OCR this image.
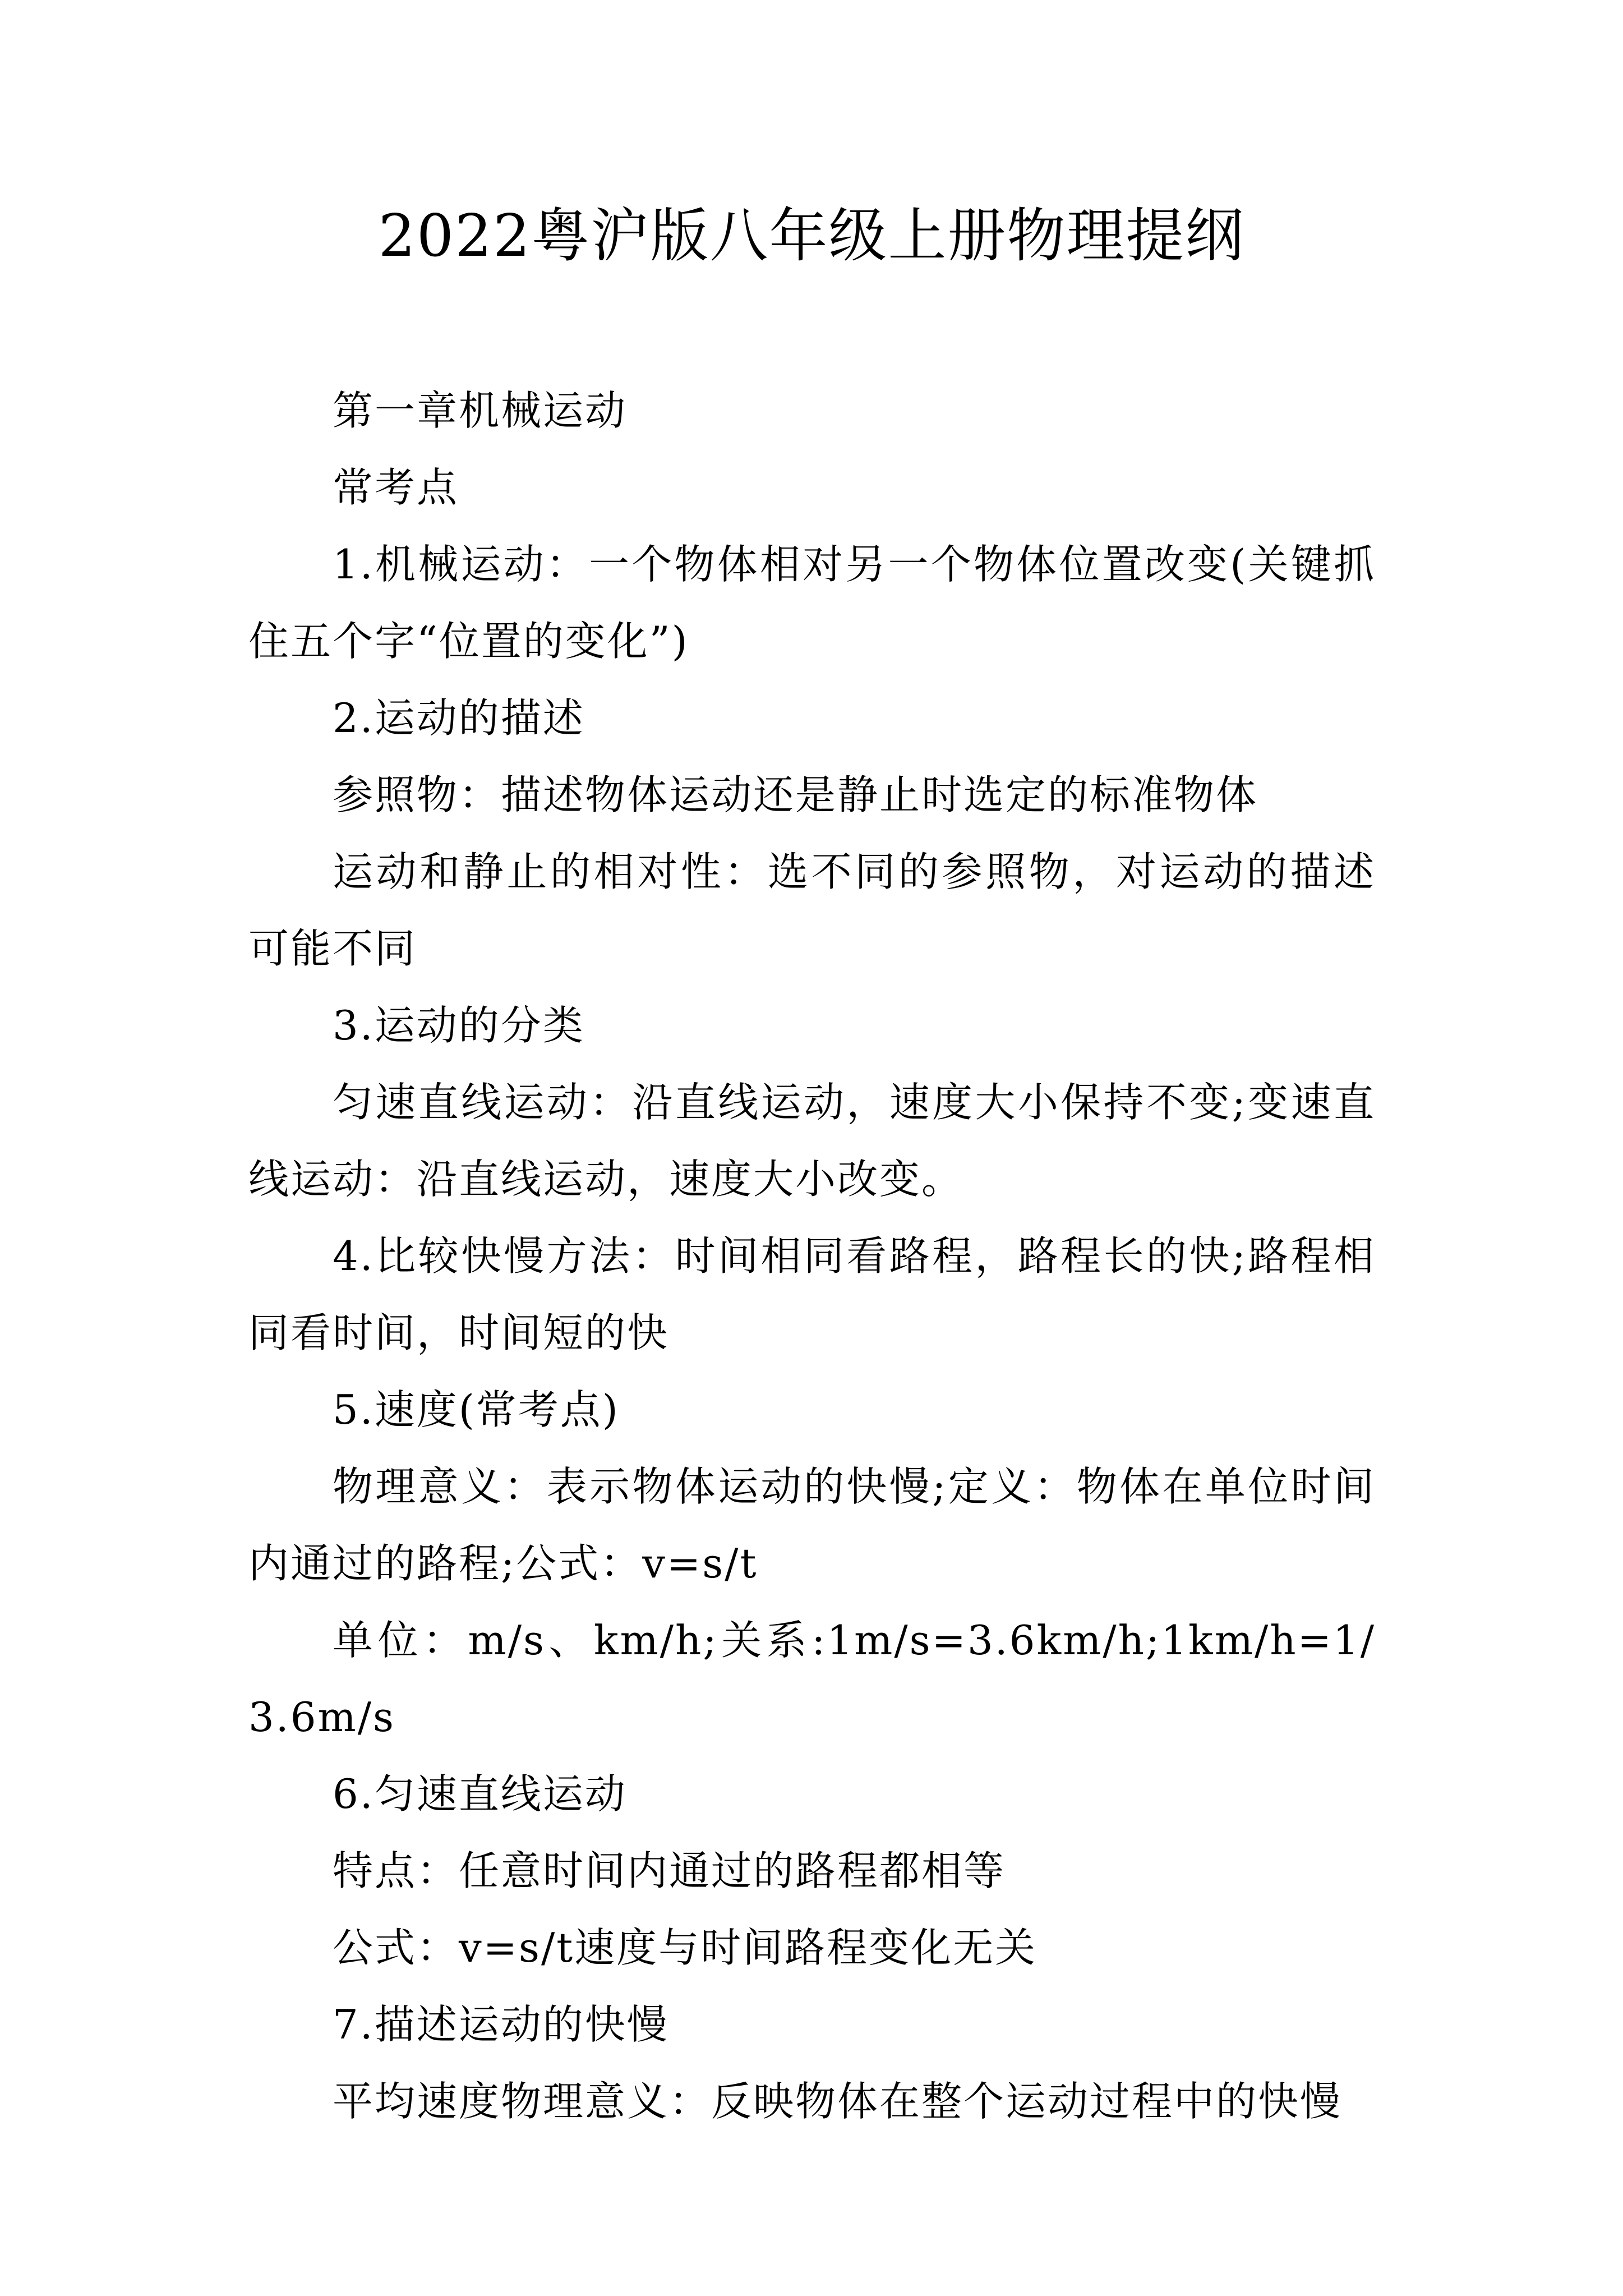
2022粤沪版八年级上册物理提纲

第一章机械运动

常考点

1.机械运动：一个物体相对另一个物体位置改变(关键抓住五个字“位置的变化”)

2.运动的描述

参照物：描述物体运动还是静止时选定的标准物体

运动和静止的相对性：选不同的参照物，对运动的描述可能不同

3.运动的分类

匀速直线运动：沿直线运动，速度大小保持不变;变速直线运动：沿直线运动，速度大小改变。

4.比较快慢方法：时间相同看路程，路程长的快;路程相同看时间，时间短的快

5.速度(常考点)

物理意义：表示物体运动的快慢;定义：物体在单位时间内通过的路程;公式：v=s/t

单位：m/s、km/h;关系:1m/s=3.6km/h;1km/h=1/3.6m/s

6.匀速直线运动

特点：任意时间内通过的路程都相等

公式：v=s/t速度与时间路程变化无关

7.描述运动的快慢

平均速度物理意义：反映物体在整个运动过程中的快慢
